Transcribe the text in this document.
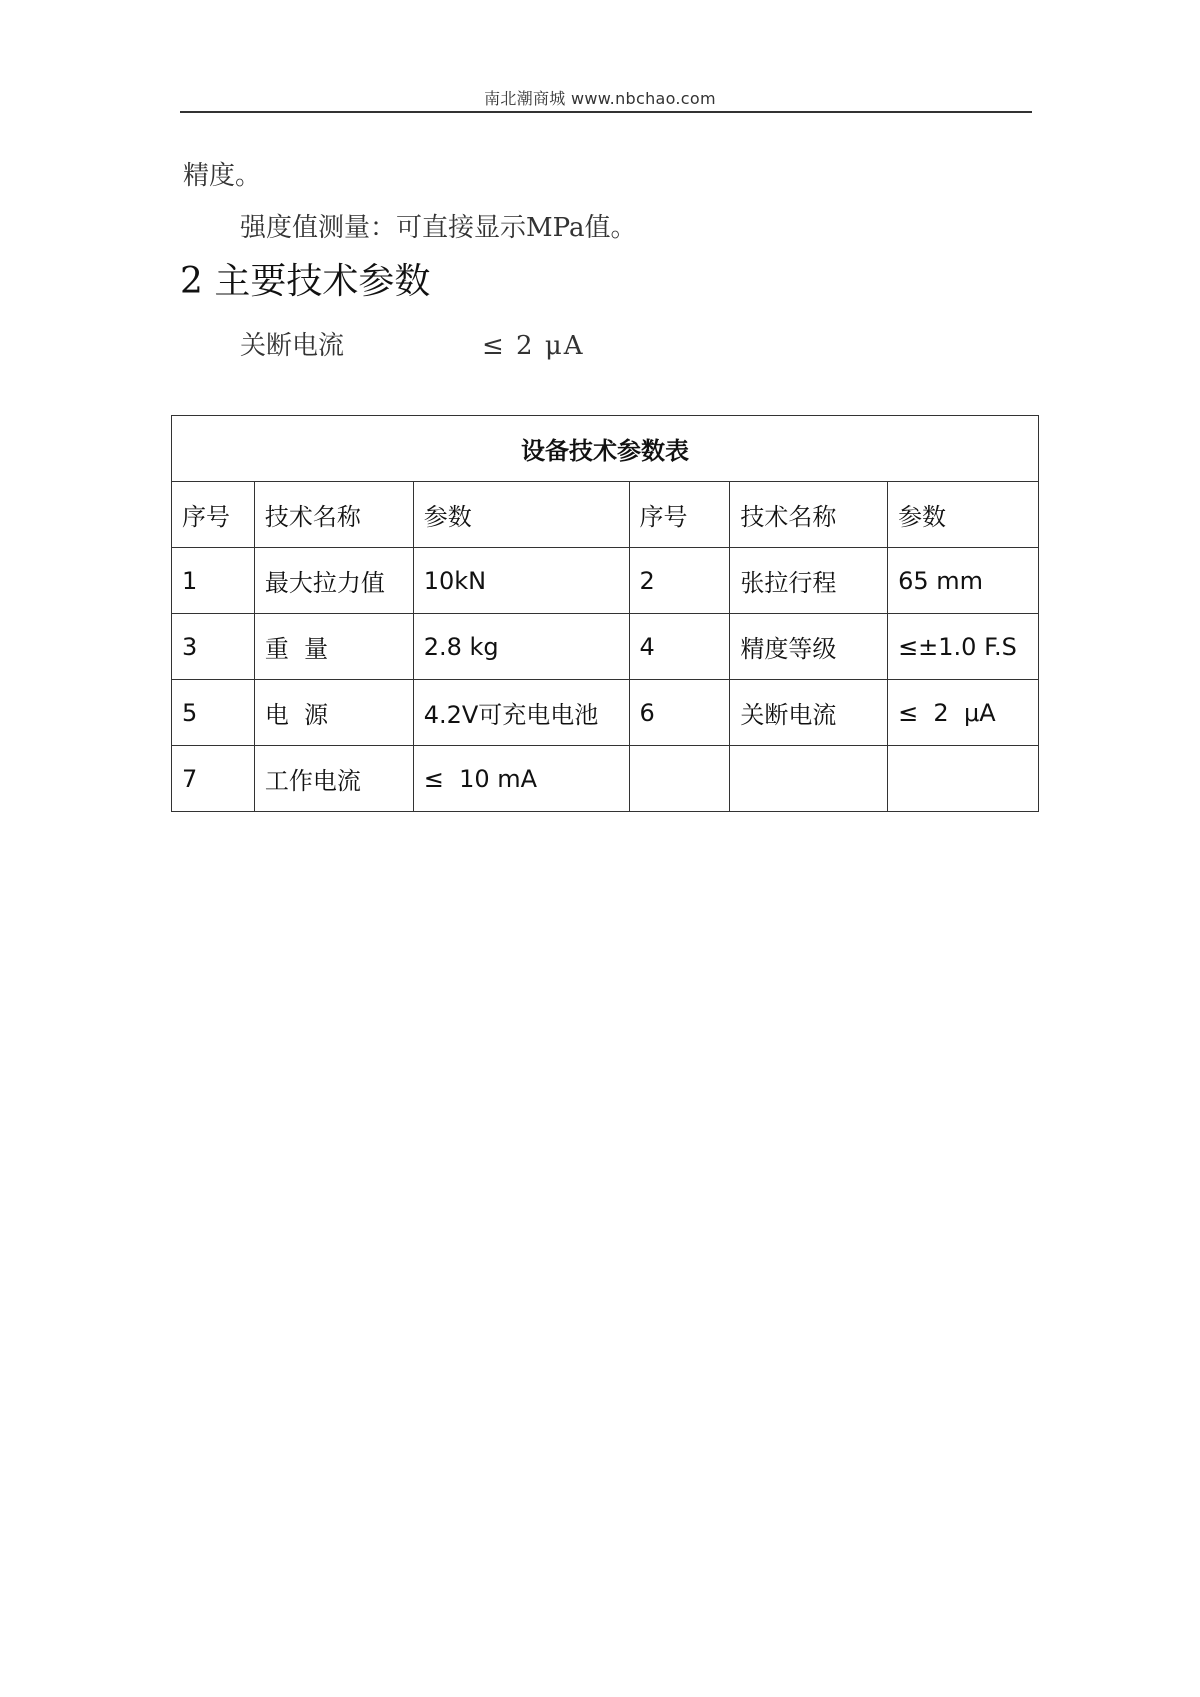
南北潮商城 www.nbchao.com
精度。
强度值测量：可直接显示MPa值。
2 主要技术参数
关断电流	≤ 2 μA
设备技术参数表					
序号	技术名称	参数	序号	技术名称	参数
1	最大拉力值	10kN	2	张拉行程	65 mm
3	重  量	2.8 kg	4	精度等级	≤±1.0 F.S
5	电  源	4.2V可充电电池	6	关断电流	≤  2  μA
7	工作电流	≤  10 mA			
